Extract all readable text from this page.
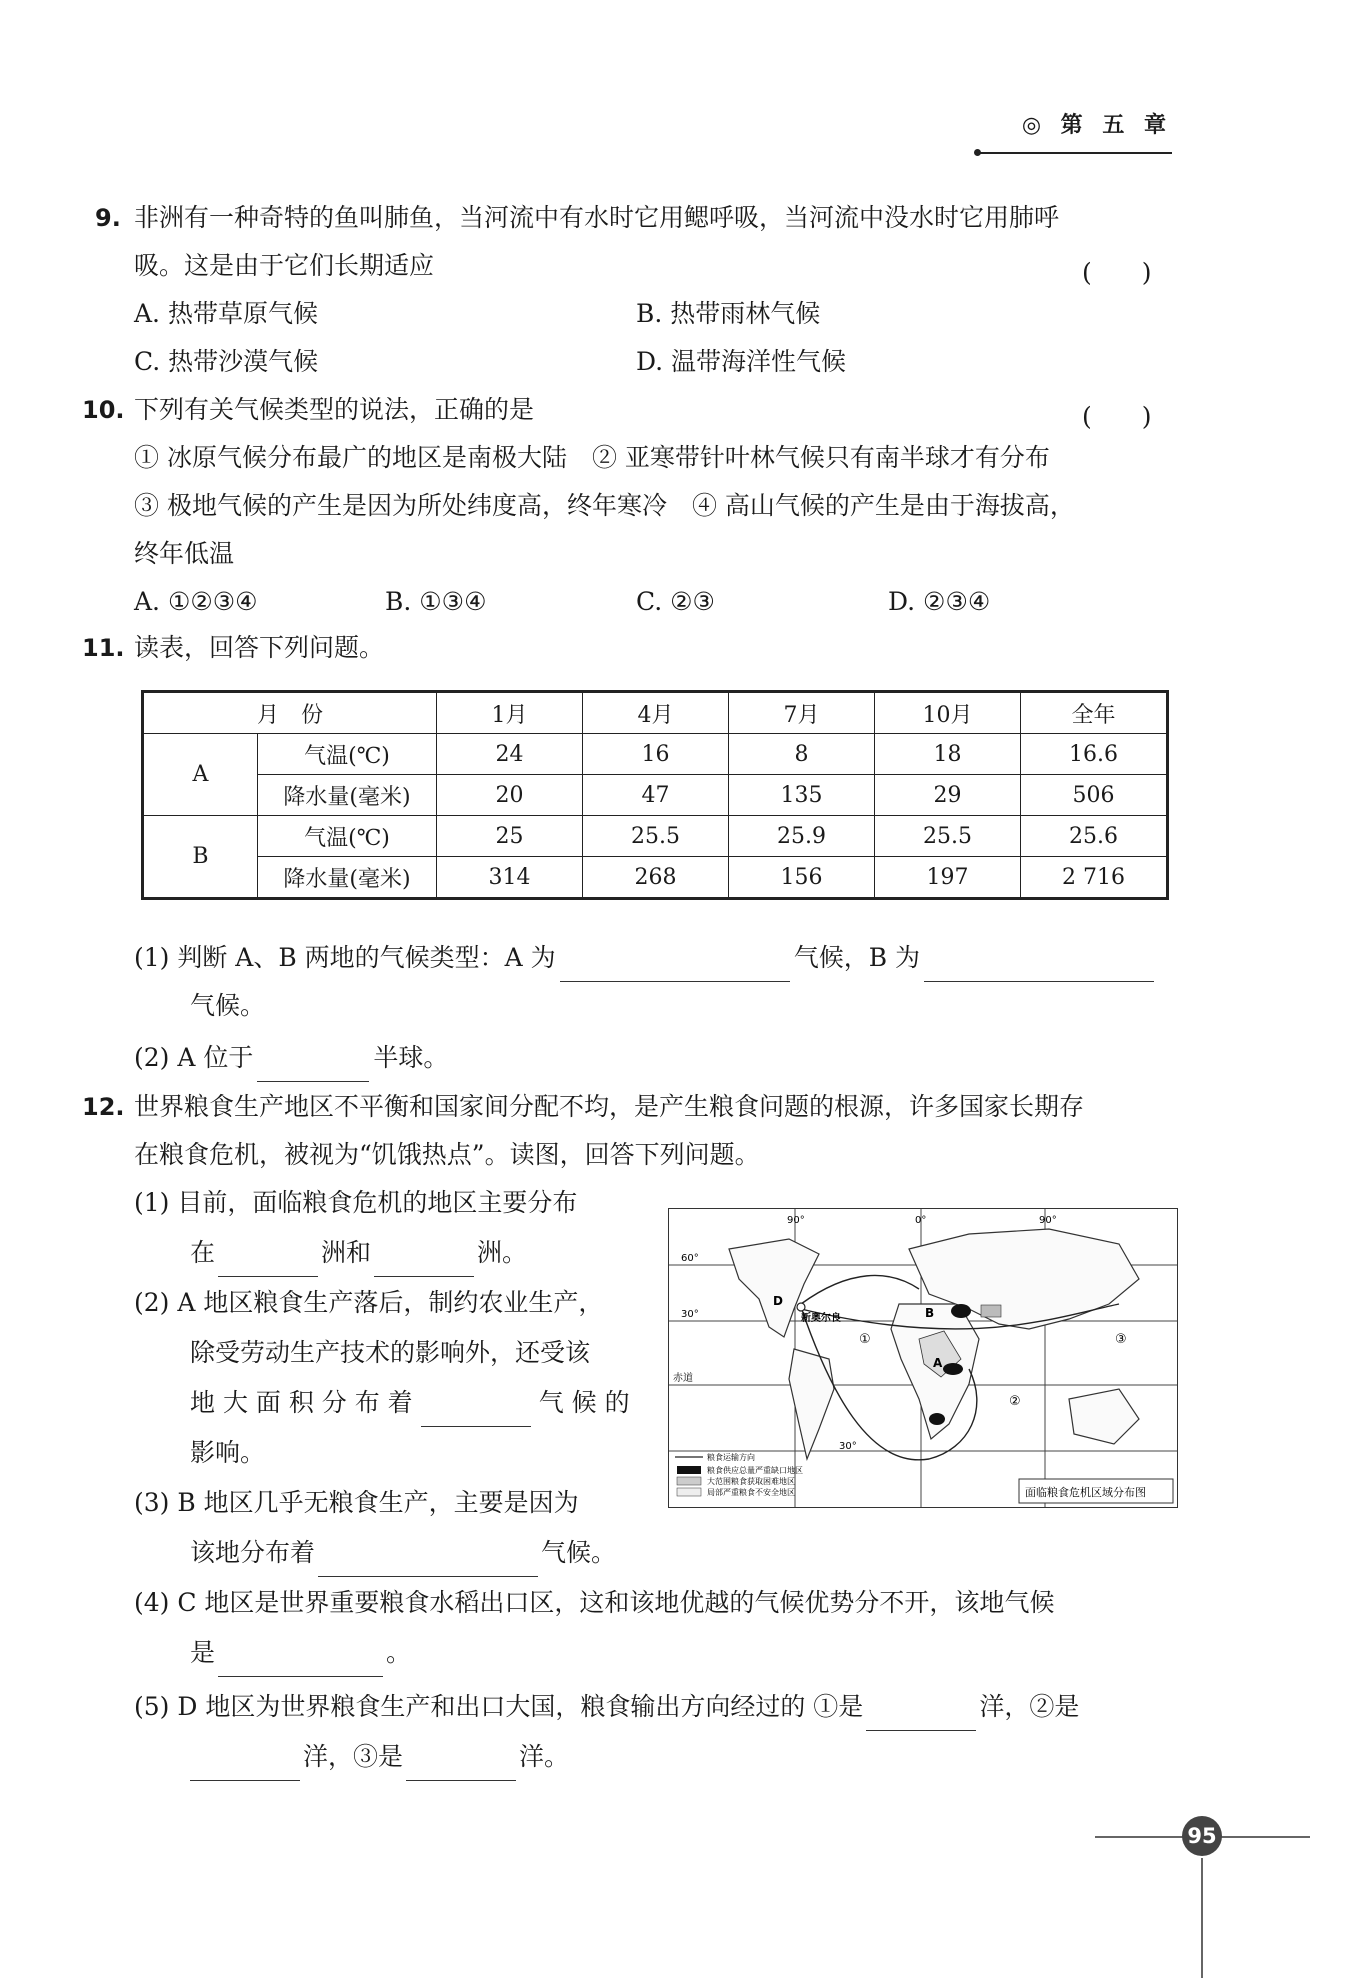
◎ 第 五 章
9. 非洲有一种奇特的鱼叫肺鱼，当河流中有水时它用鳃呼吸，当河流中没水时它用肺呼
吸。这是由于它们长期适应	(　　)
A. 热带草原气候	B. 热带雨林气候
C. 热带沙漠气候	D. 温带海洋性气候
10. 下列有关气候类型的说法，正确的是	(　　)
① 冰原气候分布最广的地区是南极大陆　② 亚寒带针叶林气候只有南半球才有分布
③ 极地气候的产生是因为所处纬度高，终年寒冷　④ 高山气候的产生是由于海拔高，
终年低温
A. ①②③④	B. ①③④	C. ②③	D. ②③④
11. 读表，回答下列问题。
月　份		1月	4月	7月	10月	全年
A	气温(℃)	24	16	8	18	16.6
	降水量(毫米)	20	47	135	29	506
B	气温(℃)	25	25.5	25.9	25.5	25.6
	降水量(毫米)	314	268	156	197	2 716
(1) 判断 A、B 两地的气候类型：A 为	气候，B 为
气候。
(2) A 位于	半球。
12. 世界粮食生产地区不平衡和国家间分配不均，是产生粮食问题的根源，许多国家长期存
在粮食危机，被视为“饥饿热点”。读图，回答下列问题。
(1) 目前，面临粮食危机的地区主要分布
在	洲和	洲。
(2) A 地区粮食生产落后，制约农业生产，
除受劳动生产技术的影响外，还受该
地 大 面 积 分 布 着	气 候 的
影响。
(3) B 地区几乎无粮食生产，主要是因为
该地分布着	气候。
(4) C 地区是世界重要粮食水稻出口区，这和该地优越的气候优势分不开，该地气候
是	。
(5) D 地区为世界粮食生产和出口大国，粮食输出方向经过的 ①是	洋，②是
洋，③是	洋。
90°	0°	90°
60°
30°
赤道
30°
D
新奥尔良	B
A
①
②
③
粮食运输方向
粮食供应总量严重缺口地区
大范围粮食获取困难地区
局部严重粮食不安全地区	面临粮食危机区域分布图
95
